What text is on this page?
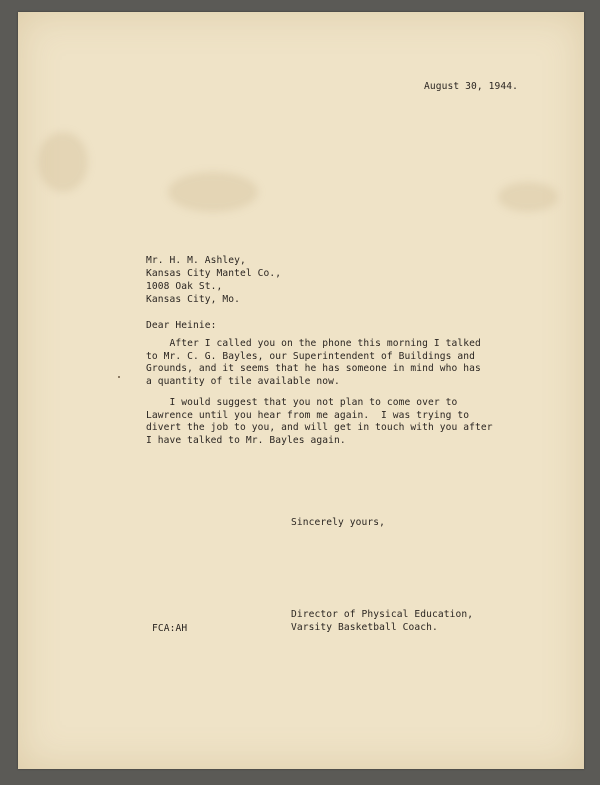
August 30, 1944.
Mr. H. M. Ashley,
Kansas City Mantel Co.,
1008 Oak St.,
Kansas City, Mo.
Dear Heinie:
After I called you on the phone this morning I talked
to Mr. C. G. Bayles, our Superintendent of Buildings and
Grounds, and it seems that he has someone in mind who has
a quantity of tile available now.
I would suggest that you not plan to come over to
Lawrence until you hear from me again.  I was trying to
divert the job to you, and will get in touch with you after
I have talked to Mr. Bayles again.
Sincerely yours,
Director of Physical Education,
Varsity Basketball Coach.
FCA:AH
